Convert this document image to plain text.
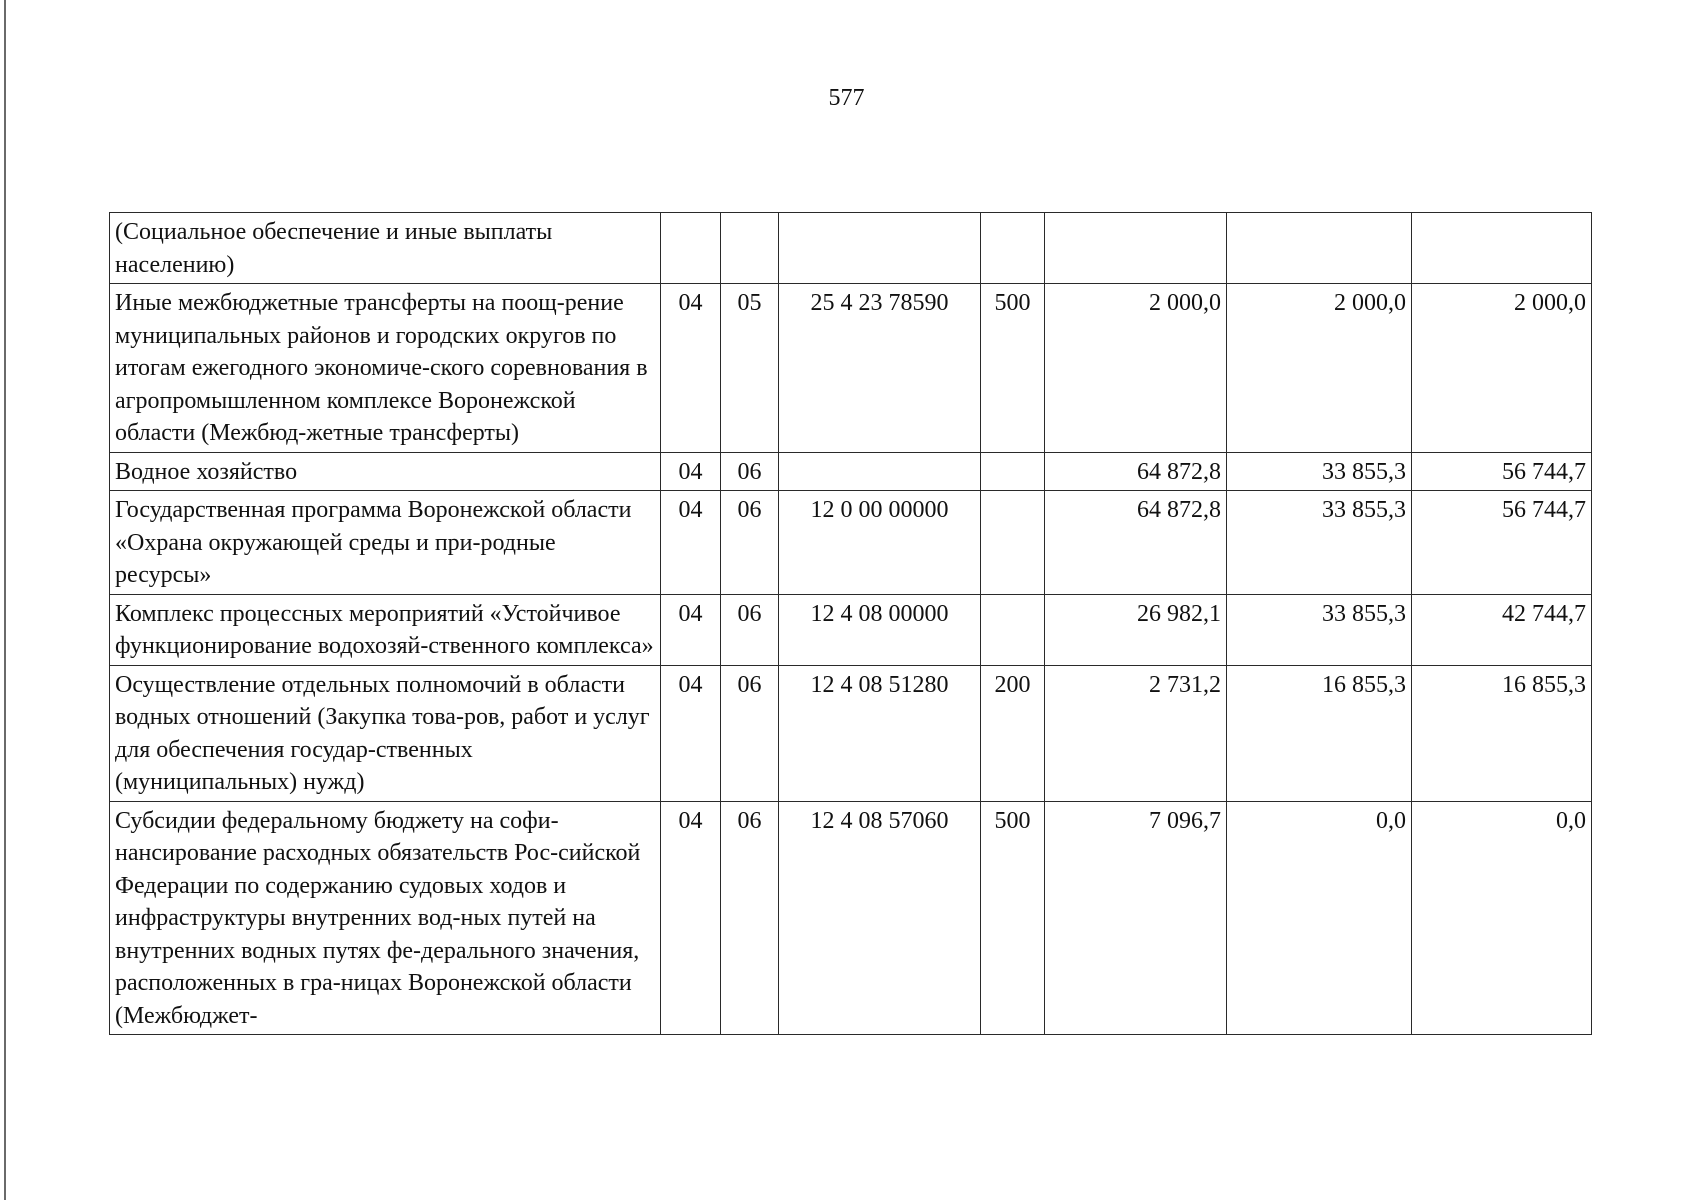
577
(Социальное обеспечение и иные выплаты населению)							
Иные межбюджетные трансферты на поощ-рение муниципальных районов и городских округов по итогам ежегодного экономиче-ского соревнования в агропромышленном комплексе Воронежской области (Межбюд-жетные трансферты)	04	05	25 4 23 78590	500	2 000,0	2 000,0	2 000,0
Водное хозяйство	04	06			64 872,8	33 855,3	56 744,7
Государственная программа Воронежской области «Охрана окружающей среды и при-родные ресурсы»	04	06	12 0 00 00000		64 872,8	33 855,3	56 744,7
Комплекс процессных мероприятий «Устойчивое функционирование водохозяй-ственного комплекса»	04	06	12 4 08 00000		26 982,1	33 855,3	42 744,7
Осуществление отдельных полномочий в области водных отношений (Закупка това-ров, работ и услуг для обеспечения государ-ственных (муниципальных) нужд)	04	06	12 4 08 51280	200	2 731,2	16 855,3	16 855,3
Субсидии федеральному бюджету на софи-нансирование расходных обязательств Рос-сийской Федерации по содержанию судовых ходов и инфраструктуры внутренних вод-ных путей на внутренних водных путях фе-дерального значения, расположенных в гра-ницах Воронежской области (Межбюджет-	04	06	12 4 08 57060	500	7 096,7	0,0	0,0
